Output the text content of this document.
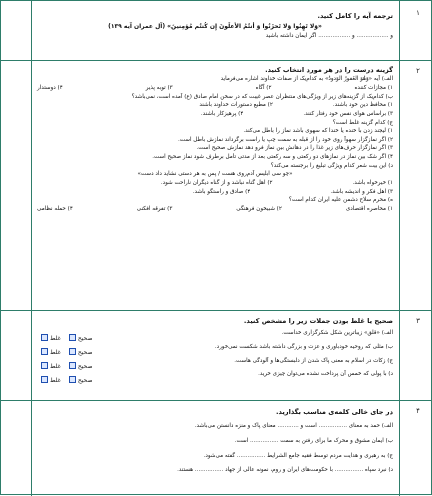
۱
ترجمه آیه را کامل کنید.
«وَلا تَهِنُوا وَلا تَحزَنُوا وَ أَنتُمُ الأَعلَونَ إِن کُنتُم مُؤمِنینَ» (آل عمران آیه ۱۳۹)
و .................. و .................. اگر ایمان داشته باشید
۲
گزینه درست را در هر مورد انتخاب کنید.
الف) آیه «وَهُوَ الغَفورُ الوَدودُ» به کدام‌یک از صفات خداوند اشاره می‌فرماید
۱) مجازات کننده
۲) آگاه
۳) توبه پذیر
۴) دوستدار
ب) کدام‌یک از گزینه‌های زیر از ویژگی‌های منتظران عصر غیبت که در سخن امام صادق (ع) آمده است، نمی‌باشد؟
۱) محافظ دین خود باشند.
۲) مطیع دستورات خداوند باشند
۳) براساس هوای نفس خود رفتار کنند.
۴) پرهیزکار باشند.
ج) کدام گزینه غلط است؟
۱) لیجند زدن با خنده یا خندا که سهوی باشد نماز را باطل می‌کند.
۲) اگر نمازگزار سهواً روی خود را از قبله به سمت چپ یا راست برگرداند نمازش باطل است.
۳) اگر نمازگزار حرف‌های زیر غذا را در دهانش بین نماز فرو دهد نمازش صحیح است.
۴) اگر شک بین نماز در نمازهای دو رکعتی و سه رکعتی بعد از مدتی تأمل برطرف شود نماز صحیح است.
د) این بیت شعر کدام ویژگی تبلیغ را برجسته می‌کند؟
«چو سی ابلیس آدم‌روی هست / پس به هر دستی نشاید داد دست»
۱) خیرخواه باشد.
۲) اهل گناه نباشد و از گناه دیگران ناراحت شود.
۳) اهل فکر و اندیشه باشد.
۴) صادق و راستگو باشد.
ه) محرم سلاح دشمن علیه ایران کدام است؟
۱) محاصره اقتصادی
۲) شبیخون فرهنگی
۳) تفرقه افکنی
۴) حمله نظامی
۳
صحیح یا غلط بودن جملات زیر را مشخص کنید.
الف) «قلق» زیباترین شکل شکرگزاری خداست.
ب) مثلی که روحیه خودباوری و عزت و بزرگی داشته باشد شکست نمی‌خورد.
ج) زکات در اسلام به معنی پاک شدن از دلبستگی‌ها و آلودگی هاست.
د) با پولی که خمس آن پرداخت نشده می‌توان چیزی خرید.
غلط	صحیح
غلط	صحیح
غلط	صحیح
غلط	صحیح
۴
در جای خالی کلمه‌ی مناسب بگذارید.
الف) حمد به معنای ................ است و ............ معنای پاک و منزه دانستن می‌باشد.
ب) ایمان مشوق و محرک ما برای رفتن به سمت ................ است.
ج) به رهبری و هدایت مردم توسط فقیه جامع الشرایط ................ گفته می‌شود.
د) نبرد سپاه ................ با حکومت‌های ایران و روم، نمونه عالی از جهاد ................ هستند.
